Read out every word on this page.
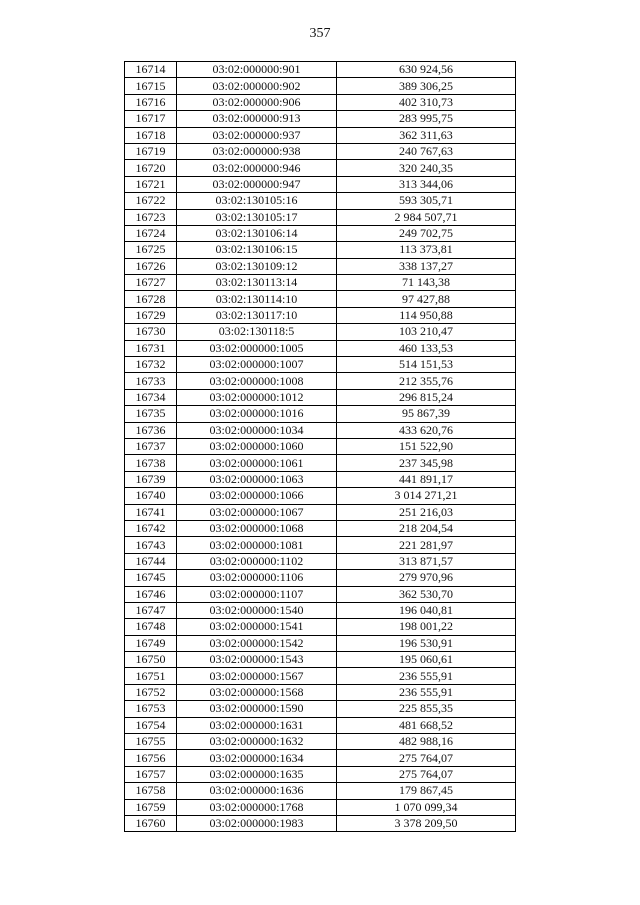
357
16714	03:02:000000:901	630 924,56
16715	03:02:000000:902	389 306,25
16716	03:02:000000:906	402 310,73
16717	03:02:000000:913	283 995,75
16718	03:02:000000:937	362 311,63
16719	03:02:000000:938	240 767,63
16720	03:02:000000:946	320 240,35
16721	03:02:000000:947	313 344,06
16722	03:02:130105:16	593 305,71
16723	03:02:130105:17	2 984 507,71
16724	03:02:130106:14	249 702,75
16725	03:02:130106:15	113 373,81
16726	03:02:130109:12	338 137,27
16727	03:02:130113:14	71 143,38
16728	03:02:130114:10	97 427,88
16729	03:02:130117:10	114 950,88
16730	03:02:130118:5	103 210,47
16731	03:02:000000:1005	460 133,53
16732	03:02:000000:1007	514 151,53
16733	03:02:000000:1008	212 355,76
16734	03:02:000000:1012	296 815,24
16735	03:02:000000:1016	95 867,39
16736	03:02:000000:1034	433 620,76
16737	03:02:000000:1060	151 522,90
16738	03:02:000000:1061	237 345,98
16739	03:02:000000:1063	441 891,17
16740	03:02:000000:1066	3 014 271,21
16741	03:02:000000:1067	251 216,03
16742	03:02:000000:1068	218 204,54
16743	03:02:000000:1081	221 281,97
16744	03:02:000000:1102	313 871,57
16745	03:02:000000:1106	279 970,96
16746	03:02:000000:1107	362 530,70
16747	03:02:000000:1540	196 040,81
16748	03:02:000000:1541	198 001,22
16749	03:02:000000:1542	196 530,91
16750	03:02:000000:1543	195 060,61
16751	03:02:000000:1567	236 555,91
16752	03:02:000000:1568	236 555,91
16753	03:02:000000:1590	225 855,35
16754	03:02:000000:1631	481 668,52
16755	03:02:000000:1632	482 988,16
16756	03:02:000000:1634	275 764,07
16757	03:02:000000:1635	275 764,07
16758	03:02:000000:1636	179 867,45
16759	03:02:000000:1768	1 070 099,34
16760	03:02:000000:1983	3 378 209,50
